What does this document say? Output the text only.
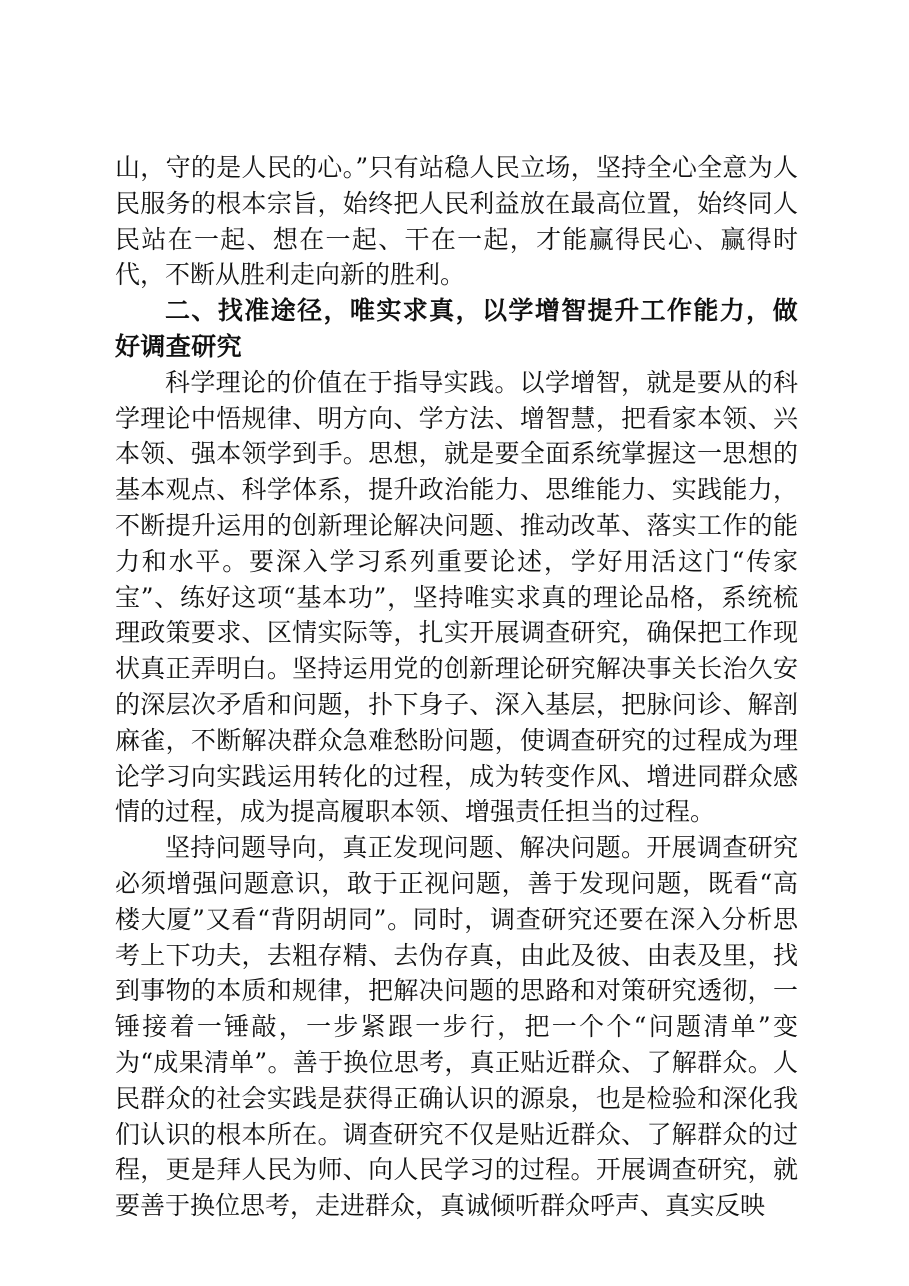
山，守的是人民的心。”只有站稳人民立场，坚持全心全意为人民服务的根本宗旨，始终把人民利益放在最高位置，始终同人民站在一起、想在一起、干在一起，才能赢得民心、赢得时代，不断从胜利走向新的胜利。

二、找准途径，唯实求真，以学增智提升工作能力，做好调查研究

科学理论的价值在于指导实践。以学增智，就是要从的科学理论中悟规律、明方向、学方法、增智慧，把看家本领、兴本领、强本领学到手。思想，就是要全面系统掌握这一思想的基本观点、科学体系，提升政治能力、思维能力、实践能力，不断提升运用的创新理论解决问题、推动改革、落实工作的能力和水平。要深入学习系列重要论述，学好用活这门“传家宝”、练好这项“基本功”，坚持唯实求真的理论品格，系统梳理政策要求、区情实际等，扎实开展调查研究，确保把工作现状真正弄明白。坚持运用党的创新理论研究解决事关长治久安的深层次矛盾和问题，扑下身子、深入基层，把脉问诊、解剖麻雀，不断解决群众急难愁盼问题，使调查研究的过程成为理论学习向实践运用转化的过程，成为转变作风、增进同群众感情的过程，成为提高履职本领、增强责任担当的过程。

坚持问题导向，真正发现问题、解决问题。开展调查研究必须增强问题意识，敢于正视问题，善于发现问题，既看“高楼大厦”又看“背阴胡同”。同时，调查研究还要在深入分析思考上下功夫，去粗存精、去伪存真，由此及彼、由表及里，找到事物的本质和规律，把解决问题的思路和对策研究透彻，一锤接着一锤敲，一步紧跟一步行，把一个个“问题清单”变为“成果清单”。善于换位思考，真正贴近群众、了解群众。人民群众的社会实践是获得正确认识的源泉，也是检验和深化我们认识的根本所在。调查研究不仅是贴近群众、了解群众的过程，更是拜人民为师、向人民学习的过程。开展调查研究，就要善于换位思考，走进群众，真诚倾听群众呼声、真实反映
